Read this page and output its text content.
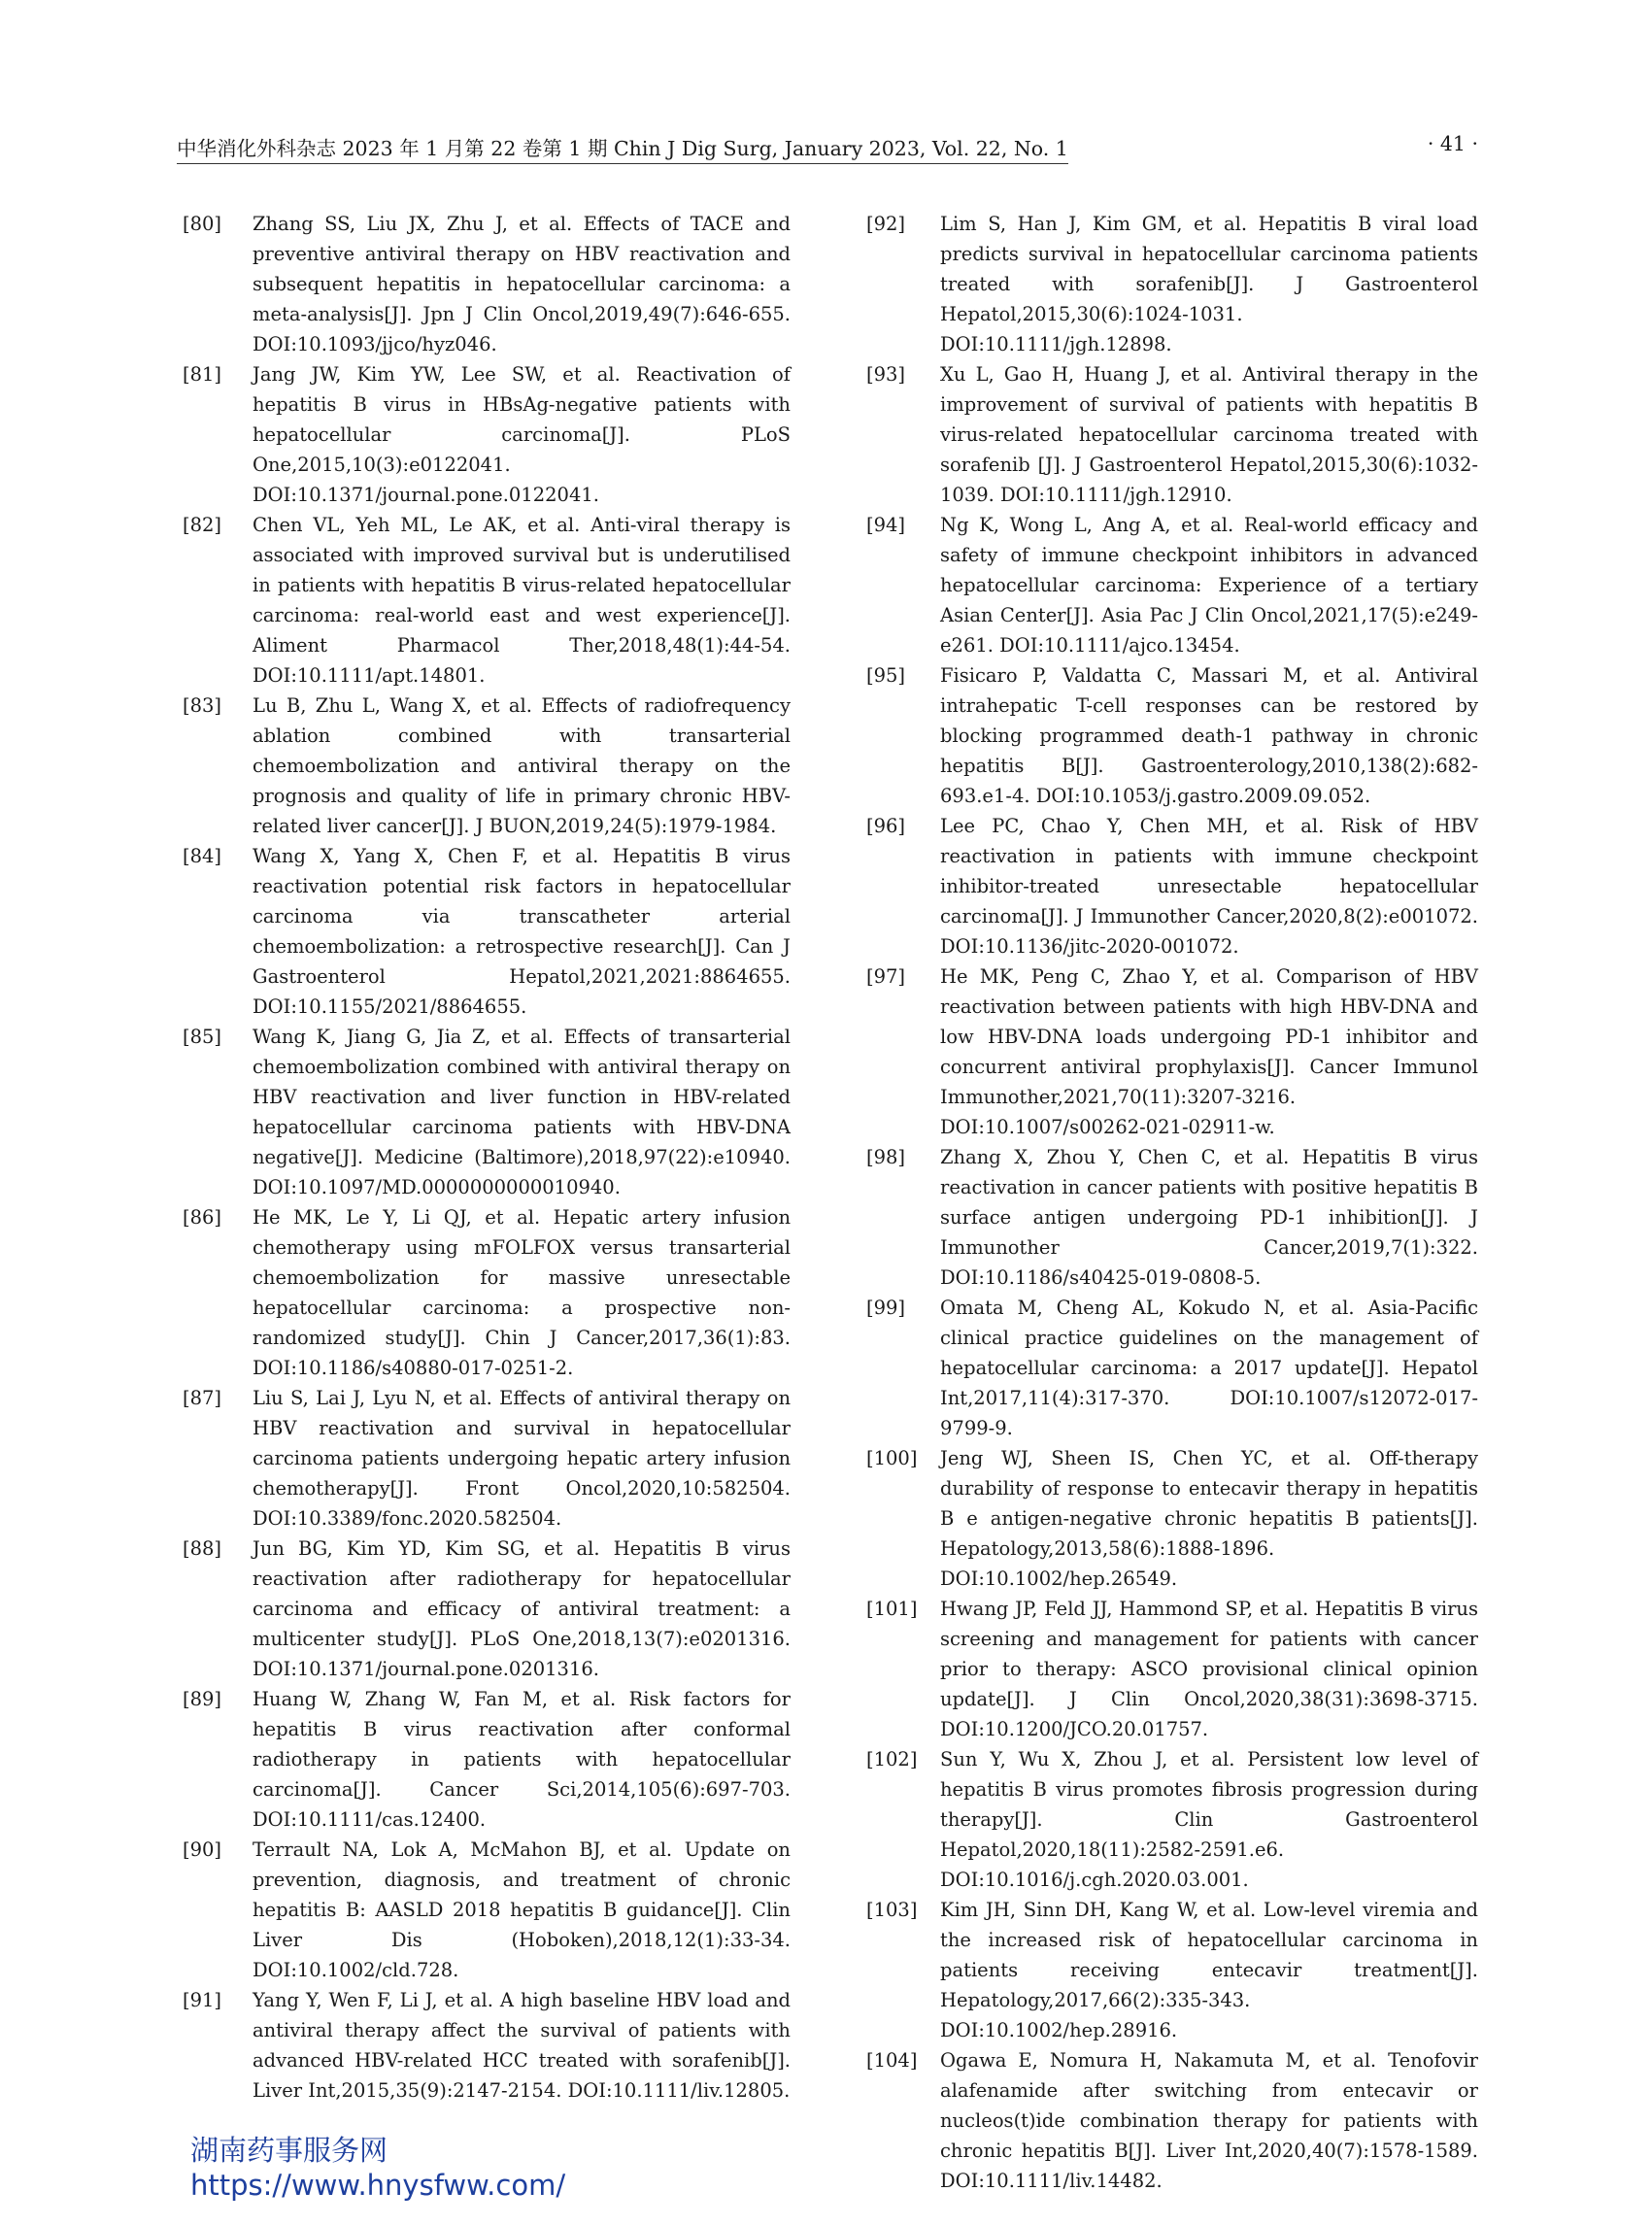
中华消化外科杂志 2023 年 1 月第 22 卷第 1 期 Chin J Dig Surg, January 2023, Vol. 22, No. 1	· 41 ·
[80] Zhang SS, Liu JX, Zhu J, et al. Effects of TACE and preventive antiviral therapy on HBV reactivation and subsequent hepatitis in hepatocellular carcinoma: a meta-analysis[J]. Jpn J Clin Oncol,2019,49(7):646-655. DOI:10.1093/jjco/hyz046.
[81] Jang JW, Kim YW, Lee SW, et al. Reactivation of hepatitis B virus in HBsAg-negative patients with hepatocellular carcinoma[J]. PLoS One,2015,10(3):e0122041. DOI:10.1371/journal.pone.0122041.
[82] Chen VL, Yeh ML, Le AK, et al. Anti-viral therapy is associated with improved survival but is underutilised in patients with hepatitis B virus-related hepatocellular carcinoma: real-world east and west experience[J]. Aliment Pharmacol Ther,2018,48(1):44-54. DOI:10.1111/apt.14801.
[83] Lu B, Zhu L, Wang X, et al. Effects of radiofrequency ablation combined with transarterial chemoembolization and antiviral therapy on the prognosis and quality of life in primary chronic HBV-related liver cancer[J]. J BUON,2019,24(5):1979-1984.
[84] Wang X, Yang X, Chen F, et al. Hepatitis B virus reactivation potential risk factors in hepatocellular carcinoma via transcatheter arterial chemoembolization: a retrospective research[J]. Can J Gastroenterol Hepatol,2021,2021:8864655. DOI:10.1155/2021/8864655.
[85] Wang K, Jiang G, Jia Z, et al. Effects of transarterial chemoembolization combined with antiviral therapy on HBV reactivation and liver function in HBV-related hepatocellular carcinoma patients with HBV-DNA negative[J]. Medicine (Baltimore),2018,97(22):e10940. DOI:10.1097/MD.0000000000010940.
[86] He MK, Le Y, Li QJ, et al. Hepatic artery infusion chemotherapy using mFOLFOX versus transarterial chemoembolization for massive unresectable hepatocellular carcinoma: a prospective non-randomized study[J]. Chin J Cancer,2017,36(1):83. DOI:10.1186/s40880-017-0251-2.
[87] Liu S, Lai J, Lyu N, et al. Effects of antiviral therapy on HBV reactivation and survival in hepatocellular carcinoma patients undergoing hepatic artery infusion chemotherapy[J]. Front Oncol,2020,10:582504. DOI:10.3389/fonc.2020.582504.
[88] Jun BG, Kim YD, Kim SG, et al. Hepatitis B virus reactivation after radiotherapy for hepatocellular carcinoma and efficacy of antiviral treatment: a multicenter study[J]. PLoS One,2018,13(7):e0201316. DOI:10.1371/journal.pone.0201316.
[89] Huang W, Zhang W, Fan M, et al. Risk factors for hepatitis B virus reactivation after conformal radiotherapy in patients with hepatocellular carcinoma[J]. Cancer Sci,2014,105(6):697-703. DOI:10.1111/cas.12400.
[90] Terrault NA, Lok A, McMahon BJ, et al. Update on prevention, diagnosis, and treatment of chronic hepatitis B: AASLD 2018 hepatitis B guidance[J]. Clin Liver Dis (Hoboken),2018,12(1):33-34. DOI:10.1002/cld.728.
[91] Yang Y, Wen F, Li J, et al. A high baseline HBV load and antiviral therapy affect the survival of patients with advanced HBV-related HCC treated with sorafenib[J]. Liver Int,2015,35(9):2147-2154. DOI:10.1111/liv.12805.
[92] Lim S, Han J, Kim GM, et al. Hepatitis B viral load predicts survival in hepatocellular carcinoma patients treated with sorafenib[J]. J Gastroenterol Hepatol,2015,30(6):1024-1031. DOI:10.1111/jgh.12898.
[93] Xu L, Gao H, Huang J, et al. Antiviral therapy in the improvement of survival of patients with hepatitis B virus-related hepatocellular carcinoma treated with sorafenib [J]. J Gastroenterol Hepatol,2015,30(6):1032-1039. DOI:10.1111/jgh.12910.
[94] Ng K, Wong L, Ang A, et al. Real-world efficacy and safety of immune checkpoint inhibitors in advanced hepatocellular carcinoma: Experience of a tertiary Asian Center[J]. Asia Pac J Clin Oncol,2021,17(5):e249-e261. DOI:10.1111/ajco.13454.
[95] Fisicaro P, Valdatta C, Massari M, et al. Antiviral intrahepatic T-cell responses can be restored by blocking programmed death-1 pathway in chronic hepatitis B[J]. Gastroenterology,2010,138(2):682-693.e1-4. DOI:10.1053/j.gastro.2009.09.052.
[96] Lee PC, Chao Y, Chen MH, et al. Risk of HBV reactivation in patients with immune checkpoint inhibitor-treated unresectable hepatocellular carcinoma[J]. J Immunother Cancer,2020,8(2):e001072. DOI:10.1136/jitc-2020-001072.
[97] He MK, Peng C, Zhao Y, et al. Comparison of HBV reactivation between patients with high HBV-DNA and low HBV-DNA loads undergoing PD-1 inhibitor and concurrent antiviral prophylaxis[J]. Cancer Immunol Immunother,2021,70(11):3207-3216. DOI:10.1007/s00262-021-02911-w.
[98] Zhang X, Zhou Y, Chen C, et al. Hepatitis B virus reactivation in cancer patients with positive hepatitis B surface antigen undergoing PD-1 inhibition[J]. J Immunother Cancer,2019,7(1):322. DOI:10.1186/s40425-019-0808-5.
[99] Omata M, Cheng AL, Kokudo N, et al. Asia-Pacific clinical practice guidelines on the management of hepatocellular carcinoma: a 2017 update[J]. Hepatol Int,2017,11(4):317-370. DOI:10.1007/s12072-017-9799-9.
[100] Jeng WJ, Sheen IS, Chen YC, et al. Off-therapy durability of response to entecavir therapy in hepatitis B e antigen-negative chronic hepatitis B patients[J]. Hepatology,2013,58(6):1888-1896. DOI:10.1002/hep.26549.
[101] Hwang JP, Feld JJ, Hammond SP, et al. Hepatitis B virus screening and management for patients with cancer prior to therapy: ASCO provisional clinical opinion update[J]. J Clin Oncol,2020,38(31):3698-3715. DOI:10.1200/JCO.20.01757.
[102] Sun Y, Wu X, Zhou J, et al. Persistent low level of hepatitis B virus promotes fibrosis progression during therapy[J]. Clin Gastroenterol Hepatol,2020,18(11):2582-2591.e6. DOI:10.1016/j.cgh.2020.03.001.
[103] Kim JH, Sinn DH, Kang W, et al. Low-level viremia and the increased risk of hepatocellular carcinoma in patients receiving entecavir treatment[J]. Hepatology,2017,66(2):335-343. DOI:10.1002/hep.28916.
[104] Ogawa E, Nomura H, Nakamuta M, et al. Tenofovir alafenamide after switching from entecavir or nucleos(t)ide combination therapy for patients with chronic hepatitis B[J]. Liver Int,2020,40(7):1578-1589. DOI:10.1111/liv.14482.
湖南药事服务网
https://www.hnysfww.com/
